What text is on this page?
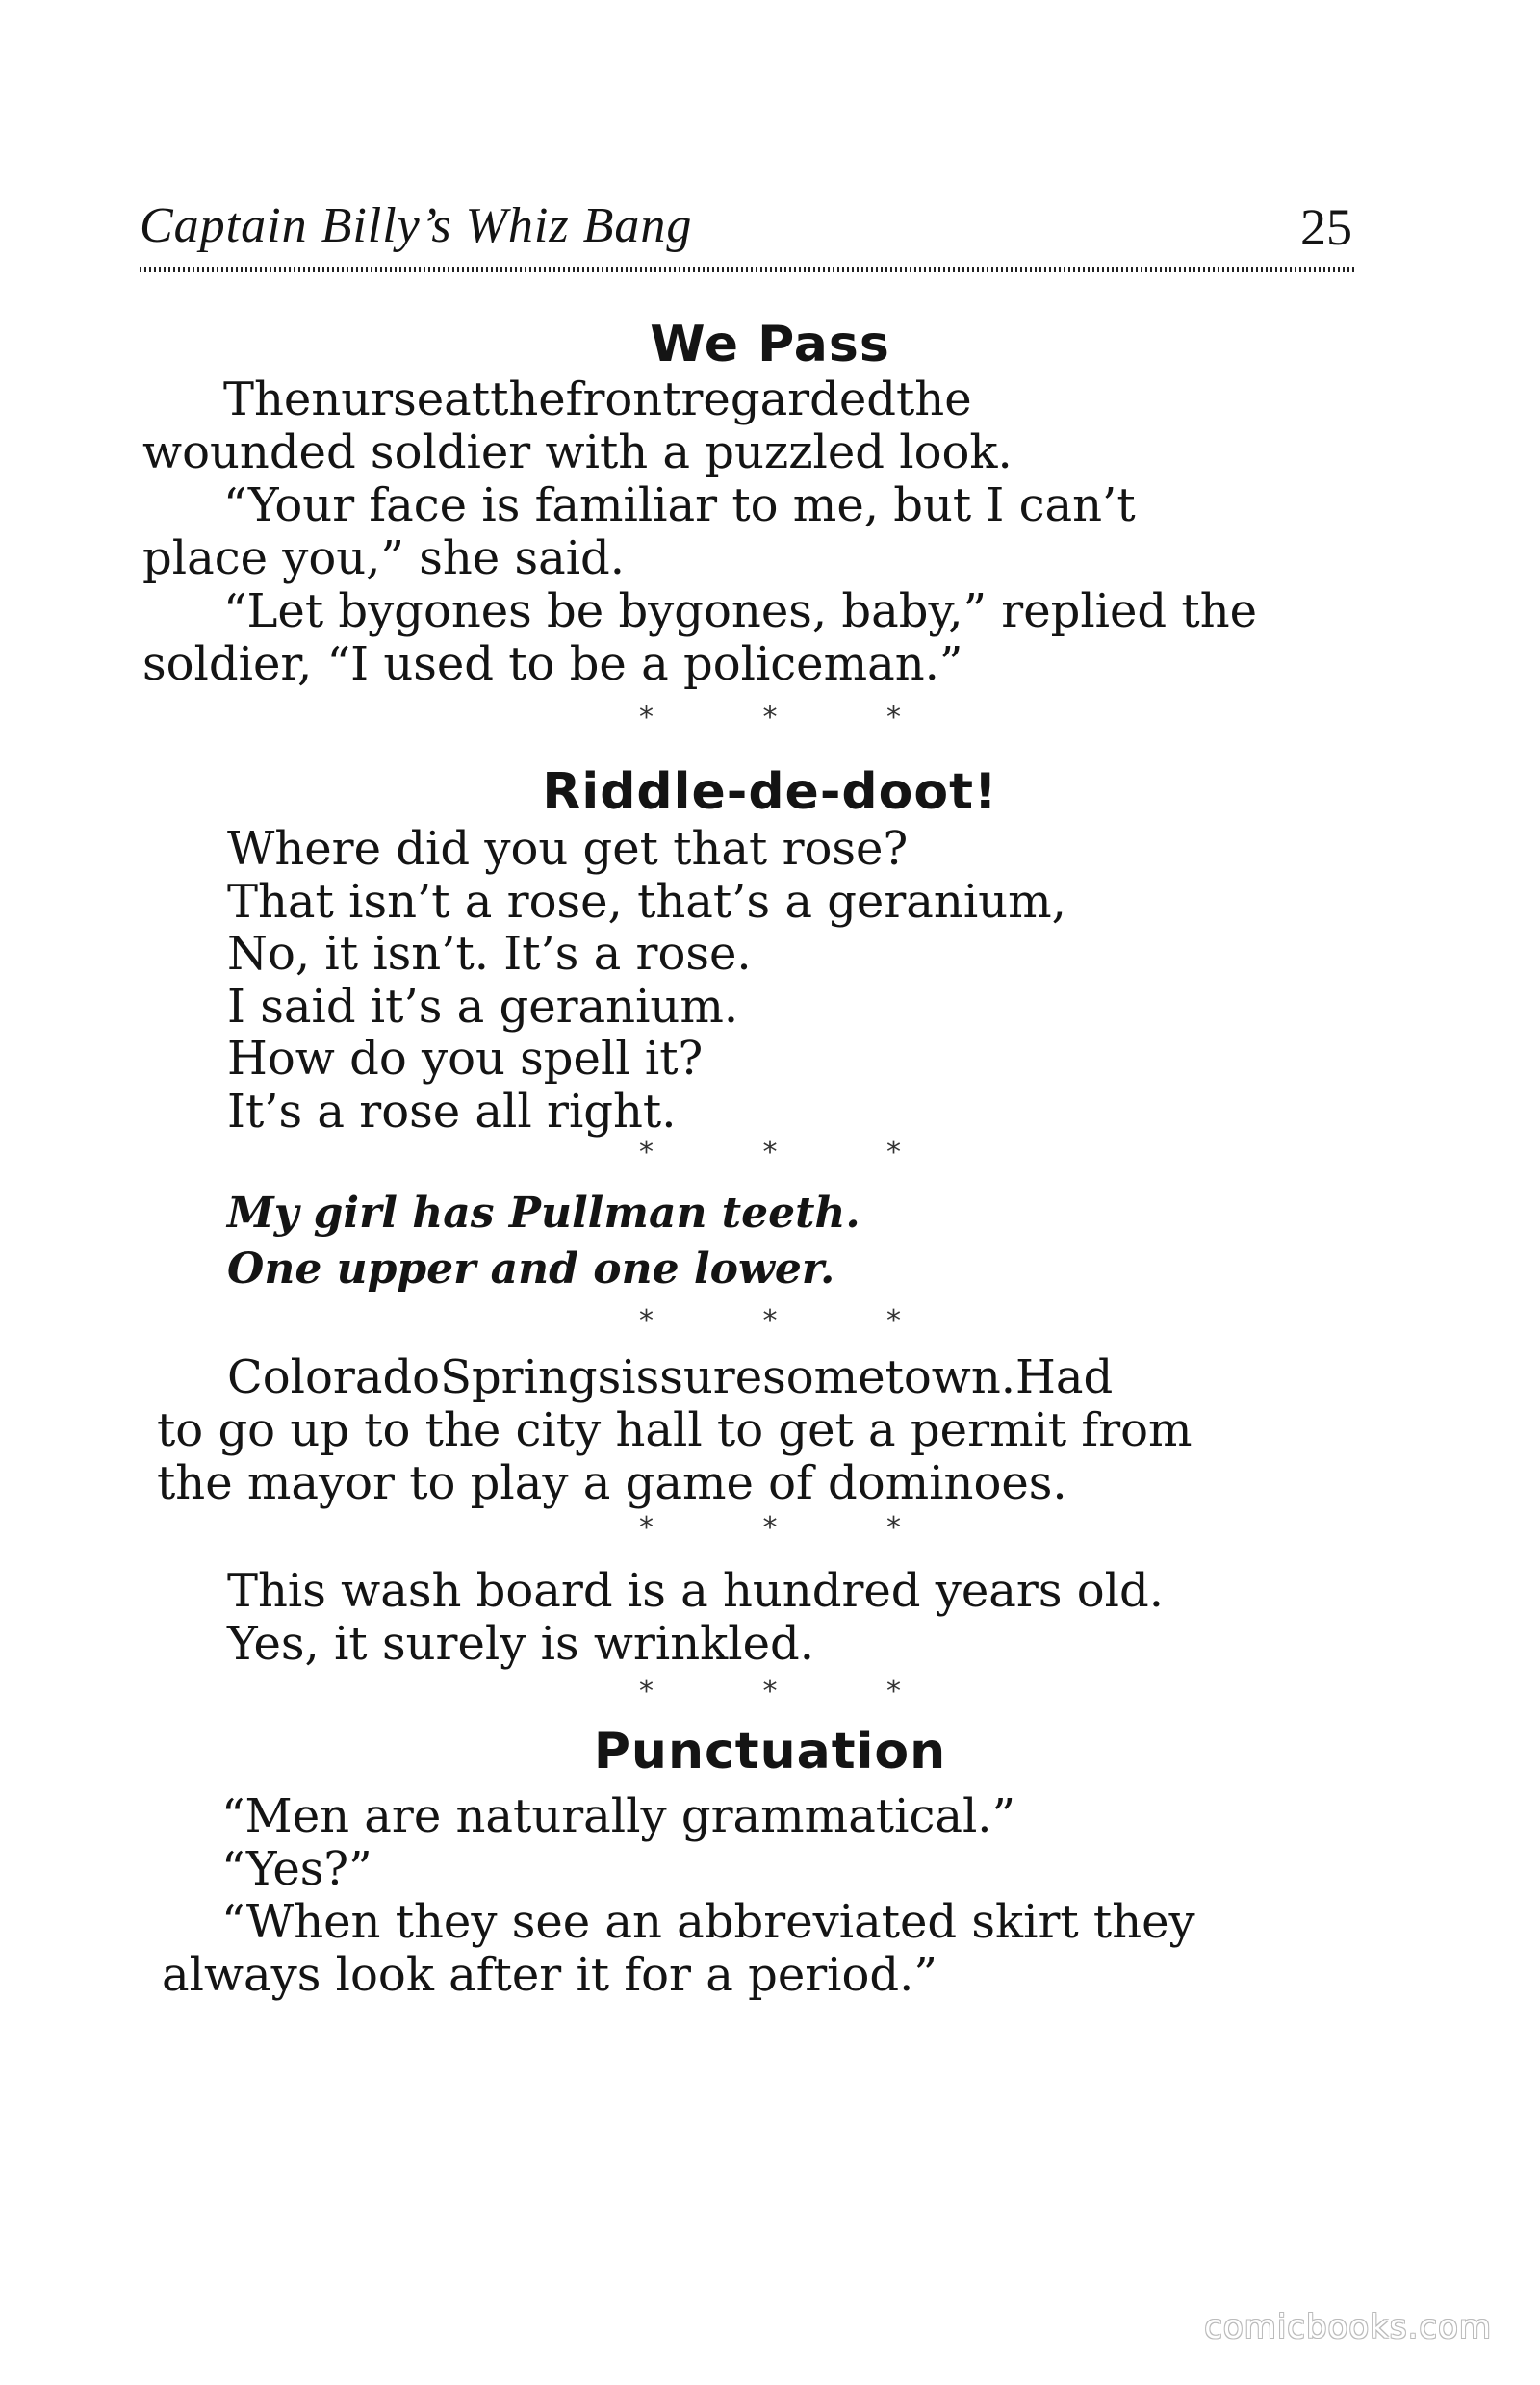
Captain Billy’s Whiz Bang	25
We Pass
Thenurseatthefrontregardedthe
wounded soldier with a puzzled look.
“Your face is familiar to me, but I can’t
place you,” she said.
“Let bygones be bygones, baby,” replied the
soldier, “I used to be a policeman.”
* * *
Riddle-de-doot!
Where did you get that rose?
That isn’t a rose, that’s a geranium,
No, it isn’t. It’s a rose.
I said it’s a geranium.
How do you spell it?
It’s a rose all right.
* * *
My girl has Pullman teeth.
One upper and one lower.
* * *
ColoradoSpringsissuresometown.Had
to go up to the city hall to get a permit from
the mayor to play a game of dominoes.
* * *
This wash board is a hundred years old.
Yes, it surely is wrinkled.
* * *
Punctuation
“Men are naturally grammatical.”
“Yes?”
“When they see an abbreviated skirt they
always look after it for a period.”
comicbooks.com
